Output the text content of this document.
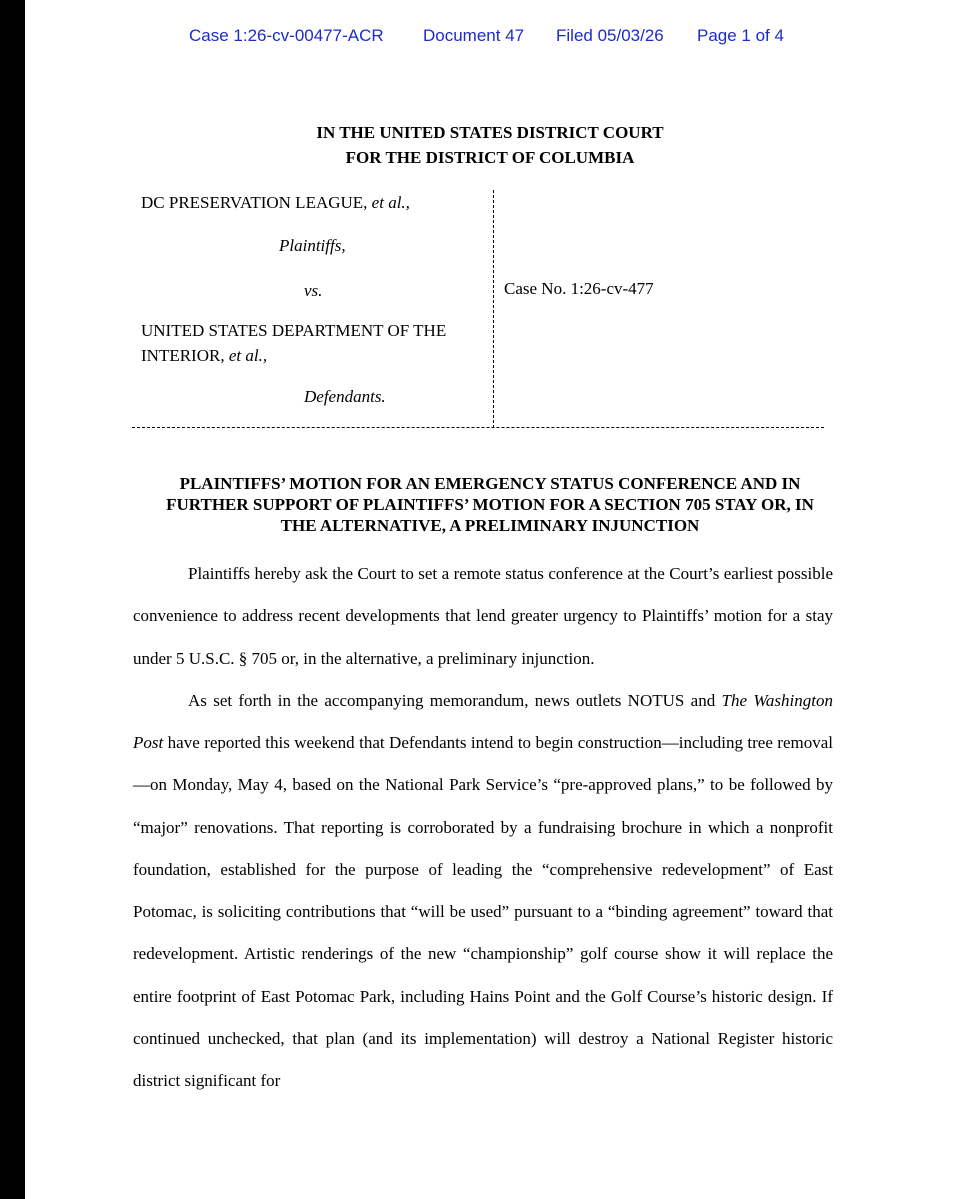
Case 1:26-cv-00477-ACR Document 47 Filed 05/03/26 Page 1 of 4
IN THE UNITED STATES DISTRICT COURT
FOR THE DISTRICT OF COLUMBIA
DC PRESERVATION LEAGUE, et al.,
Plaintiffs,
vs.
UNITED STATES DEPARTMENT OF THE
INTERIOR, et al.,
Defendants.
Case No. 1:26-cv-477
PLAINTIFFS’ MOTION FOR AN EMERGENCY STATUS CONFERENCE AND IN
FURTHER SUPPORT OF PLAINTIFFS’ MOTION FOR A SECTION 705 STAY OR, IN
THE ALTERNATIVE, A PRELIMINARY INJUNCTION

Plaintiffs hereby ask the Court to set a remote status conference at the Court’s earliest possible convenience to address recent developments that lend greater urgency to Plaintiffs’ motion for a stay under 5 U.S.C. § 705 or, in the alternative, a preliminary injunction.

As set forth in the accompanying memorandum, news outlets NOTUS and The Washington Post have reported this weekend that Defendants intend to begin construction—including tree removal—on Monday, May 4, based on the National Park Service’s “pre-approved plans,” to be followed by “major” renovations. That reporting is corroborated by a fundraising brochure in which a nonprofit foundation, established for the purpose of leading the “comprehensive redevelopment” of East Potomac, is soliciting contributions that “will be used” pursuant to a “binding agreement” toward that redevelopment. Artistic renderings of the new “championship” golf course show it will replace the entire footprint of East Potomac Park, including Hains Point and the Golf Course’s historic design. If continued unchecked, that plan (and its implementation) will destroy a National Register historic district significant for
